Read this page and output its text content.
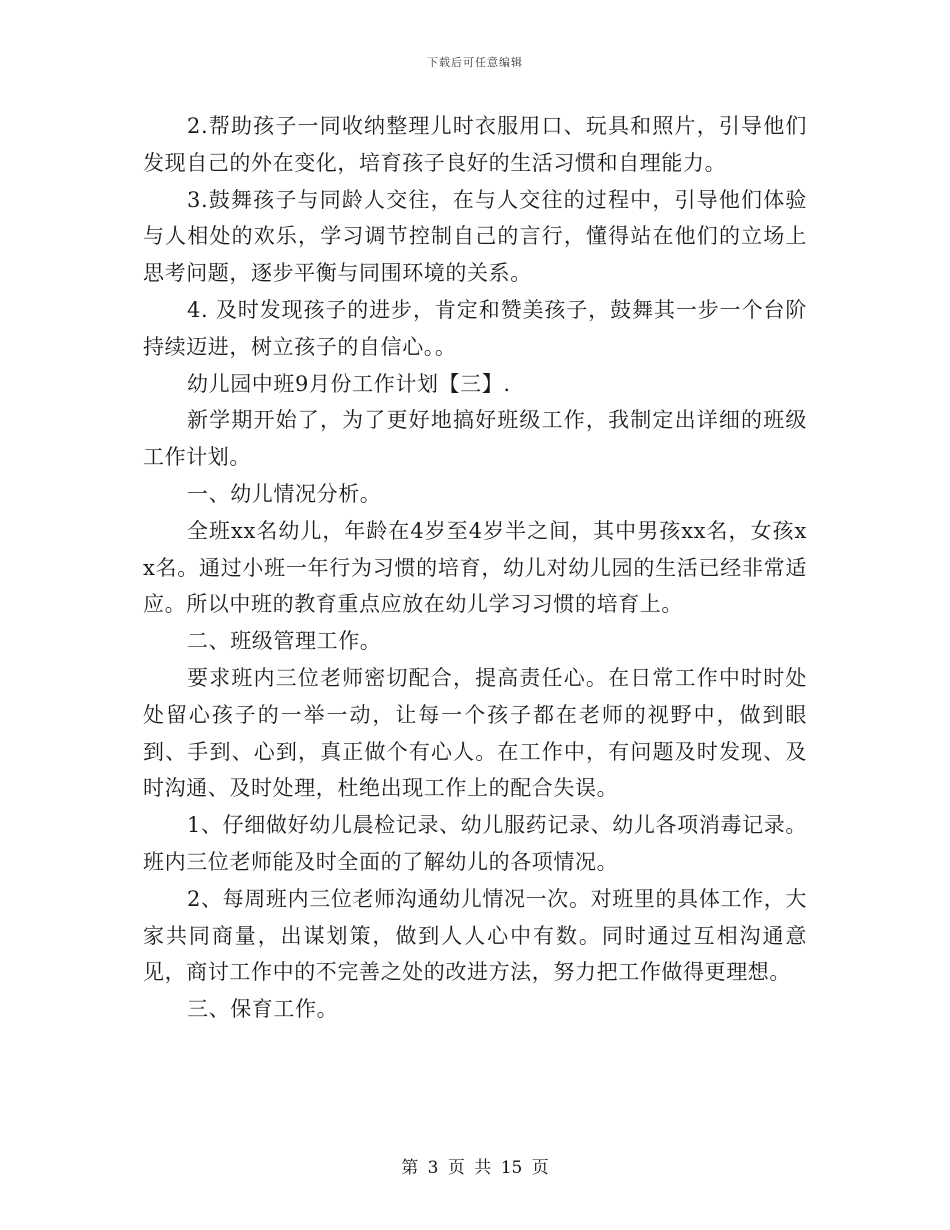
下载后可任意编辑

2.帮助孩子一同收纳整理儿时衣服用口、玩具和照片，引导他们发现自己的外在变化，培育孩子良好的生活习惯和自理能力。

3.鼓舞孩子与同龄人交往，在与人交往的过程中，引导他们体验与人相处的欢乐，学习调节控制自己的言行，懂得站在他们的立场上思考问题，逐步平衡与同围环境的关系。

4. 及时发现孩子的进步，肯定和赞美孩子，鼓舞其一步一个台阶持续迈进，树立孩子的自信心。。

幼儿园中班9月份工作计划【三】.

新学期开始了，为了更好地搞好班级工作，我制定出详细的班级工作计划。

一、幼儿情况分析。

全班xx名幼儿，年龄在4岁至4岁半之间，其中男孩xx名，女孩xx名。通过小班一年行为习惯的培育，幼儿对幼儿园的生活已经非常适应。所以中班的教育重点应放在幼儿学习习惯的培育上。

二、班级管理工作。

要求班内三位老师密切配合，提高责任心。在日常工作中时时处处留心孩子的一举一动，让每一个孩子都在老师的视野中，做到眼到、手到、心到，真正做个有心人。在工作中，有问题及时发现、及时沟通、及时处理，杜绝出现工作上的配合失误。

1、仔细做好幼儿晨检记录、幼儿服药记录、幼儿各项消毒记录。班内三位老师能及时全面的了解幼儿的各项情况。

2、每周班内三位老师沟通幼儿情况一次。对班里的具体工作，大家共同商量，出谋划策，做到人人心中有数。同时通过互相沟通意见，商讨工作中的不完善之处的改进方法，努力把工作做得更理想。

三、保育工作。

第 3 页 共 15 页
